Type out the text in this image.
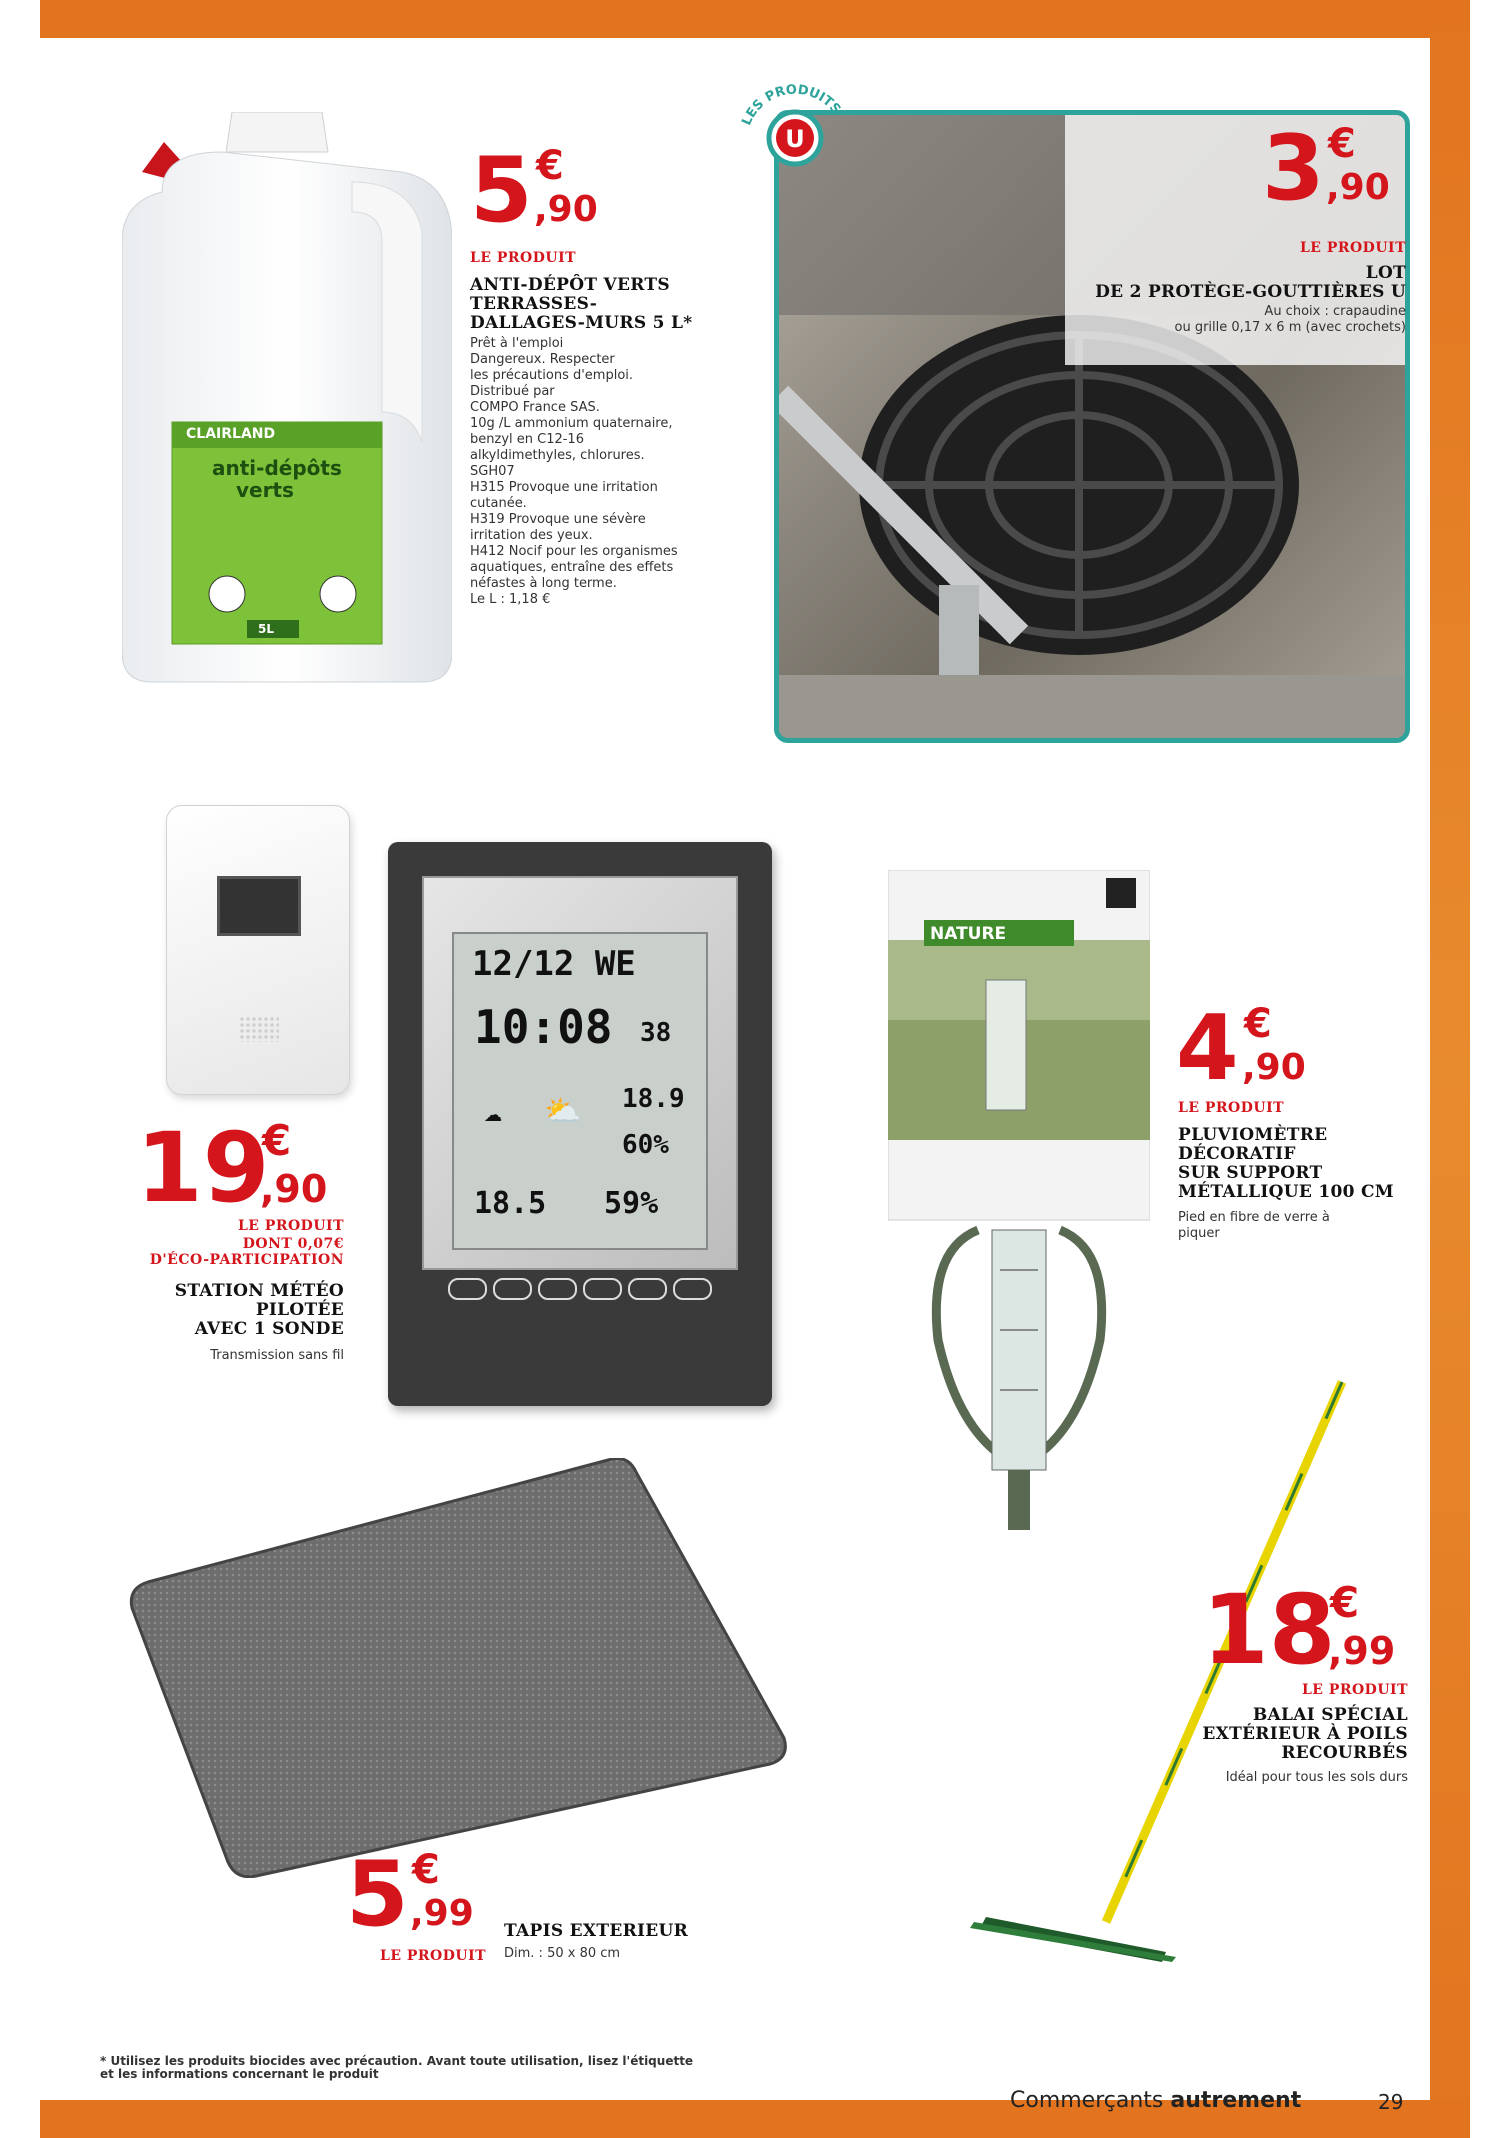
CLAIRLAND
anti-dépôts
verts
5L
5 €
,90
LE PRODUIT
ANTI-DÉPÔT VERTS
TERRASSES-
DALLAGES-MURS 5 L*
Prêt à l'emploi
Dangereux. Respecter
les précautions d'emploi.
Distribué par
COMPO France SAS.
10g /L ammonium quaternaire,
benzyl en C12-16
alkyldimethyles, chlorures.
SGH07
H315 Provoque une irritation
cutanée.
H319 Provoque une sévère
irritation des yeux.
H412 Nocif pour les organismes
aquatiques, entraîne des effets
néfastes à long terme.
Le L : 1,18 €
LES PRODUITS
U	3 €
,90
LE PRODUIT
LOT
DE 2 PROTÈGE-GOUTTIÈRES U
Au choix : crapaudine
ou grille 0,17 x 6 m (avec crochets)
12/12 WE
10:08 38
18.9
60%
18.5 59%
☁ ⛅
19
€
,90
LE PRODUIT
DONT 0,07€
D'ÉCO-PARTICIPATION
STATION MÉTÉO
PILOTÉE
AVEC 1 SONDE
Transmission sans fil
NATURE
4 €
,90
LE PRODUIT
PLUVIOMÈTRE
DÉCORATIF
SUR SUPPORT
MÉTALLIQUE 100 CM
Pied en fibre de verre à
piquer
5 €
,99
LE PRODUIT
TAPIS EXTERIEUR
Dim. : 50 x 80 cm
18
€
,99
LE PRODUIT
BALAI SPÉCIAL
EXTÉRIEUR À POILS
RECOURBÉS
Idéal pour tous les sols durs
* Utilisez les produits biocides avec précaution. Avant toute utilisation, lisez l'étiquette
et les informations concernant le produit
Commerçants autrement	29
